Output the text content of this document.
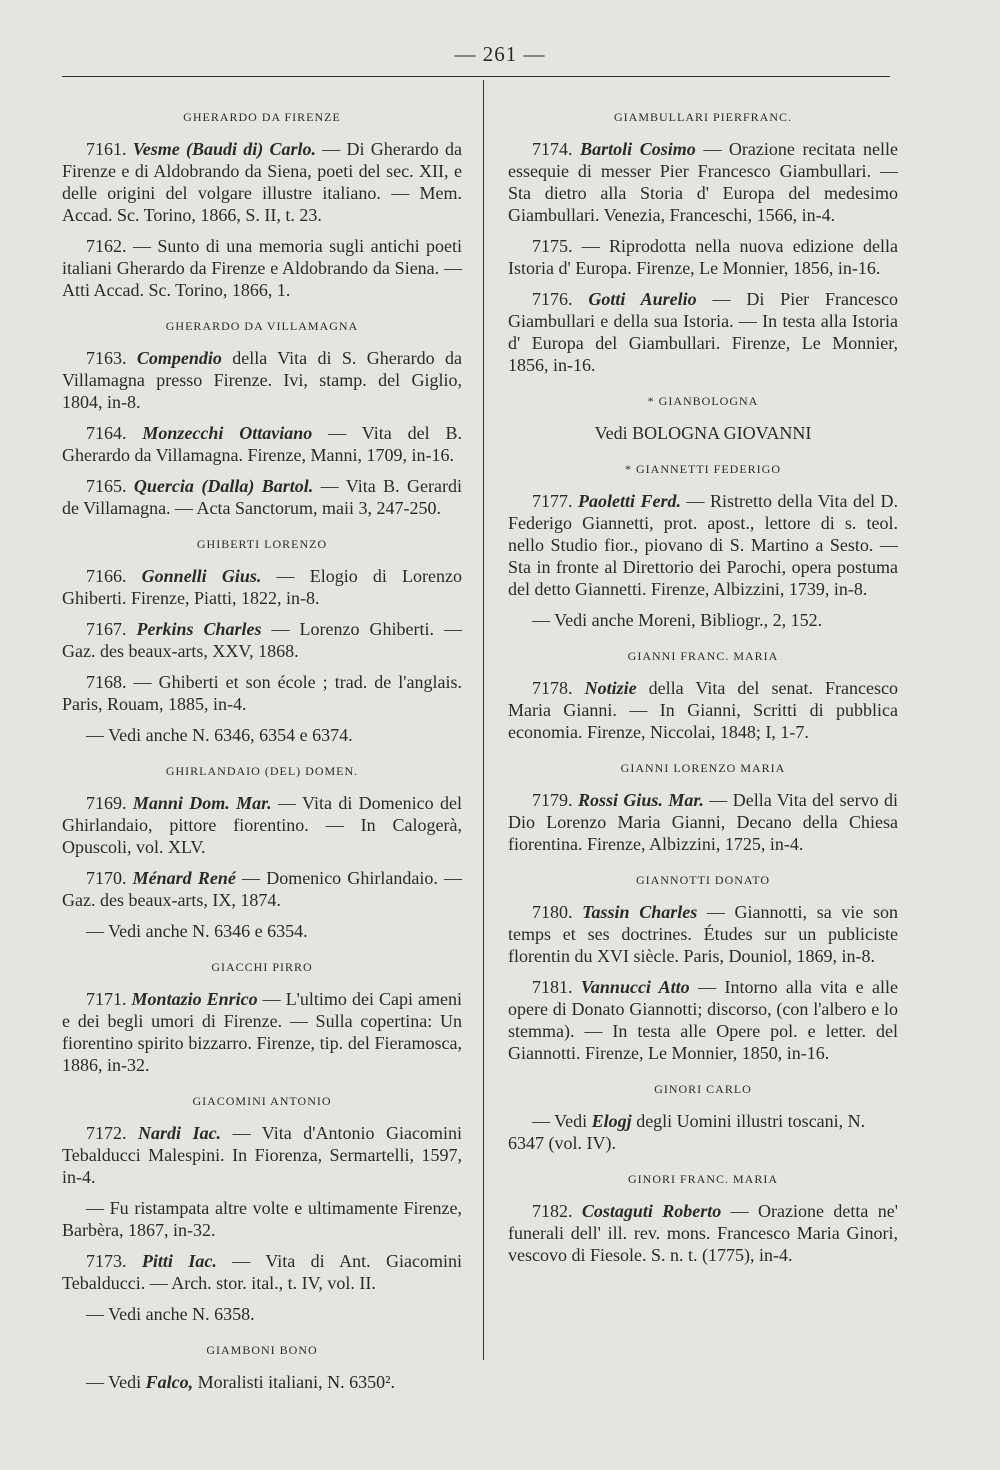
— 261 —
GHERARDO DA FIRENZE

7161. Vesme (Baudi di) Carlo. — Di Gherardo da Firenze e di Aldobrando da Siena, poeti del sec. XII, e delle origini del volgare illustre italiano. — Mem. Accad. Sc. Torino, 1866, S. II, t. 23.

7162. — Sunto di una memoria sugli antichi poeti italiani Gherardo da Firenze e Aldobrando da Siena. — Atti Accad. Sc. Torino, 1866, 1.

GHERARDO DA VILLAMAGNA

7163. Compendio della Vita di S. Gherardo da Villamagna presso Firenze. Ivi, stamp. del Giglio, 1804, in-8.

7164. Monzecchi Ottaviano — Vita del B. Gherardo da Villamagna. Firenze, Manni, 1709, in-16.

7165. Quercia (Dalla) Bartol. — Vita B. Gerardi de Villamagna. — Acta Sanctorum, maii 3, 247-250.

GHIBERTI LORENZO

7166. Gonnelli Gius. — Elogio di Lorenzo Ghiberti. Firenze, Piatti, 1822, in-8.

7167. Perkins Charles — Lorenzo Ghiberti. — Gaz. des beaux-arts, XXV, 1868.

7168. — Ghiberti et son école ; trad. de l'anglais. Paris, Rouam, 1885, in-4.

— Vedi anche N. 6346, 6354 e 6374.

GHIRLANDAIO (DEL) DOMEN.

7169. Manni Dom. Mar. — Vita di Domenico del Ghirlandaio, pittore fiorentino. — In Calogerà, Opuscoli, vol. XLV.

7170. Ménard René — Domenico Ghirlandaio. — Gaz. des beaux-arts, IX, 1874.

— Vedi anche N. 6346 e 6354.

GIACCHI PIRRO

7171. Montazio Enrico — L'ultimo dei Capi ameni e dei begli umori di Firenze. — Sulla copertina: Un fiorentino spirito bizzarro. Firenze, tip. del Fieramosca, 1886, in-32.

GIACOMINI ANTONIO

7172. Nardi Iac. — Vita d'Antonio Giacomini Tebalducci Malespini. In Fiorenza, Sermartelli, 1597, in-4.

— Fu ristampata altre volte e ultimamente Firenze, Barbèra, 1867, in-32.

7173. Pitti Iac. — Vita di Ant. Giacomini Tebalducci. — Arch. stor. ital., t. IV, vol. II.

— Vedi anche N. 6358.

GIAMBONI BONO

— Vedi Falco, Moralisti italiani, N. 6350².

GIAMBULLARI PIERFRANC.

7174. Bartoli Cosimo — Orazione recitata nelle essequie di messer Pier Francesco Giambullari. — Sta dietro alla Storia d' Europa del medesimo Giambullari. Venezia, Franceschi, 1566, in-4.

7175. — Riprodotta nella nuova edizione della Istoria d' Europa. Firenze, Le Monnier, 1856, in-16.

7176. Gotti Aurelio — Di Pier Francesco Giambullari e della sua Istoria. — In testa alla Istoria d' Europa del Giambullari. Firenze, Le Monnier, 1856, in-16.

* GIANBOLOGNA

Vedi BOLOGNA GIOVANNI

* GIANNETTI FEDERIGO

7177. Paoletti Ferd. — Ristretto della Vita del D. Federigo Giannetti, prot. apost., lettore di s. teol. nello Studio fior., piovano di S. Martino a Sesto. — Sta in fronte al Direttorio dei Parochi, opera postuma del detto Giannetti. Firenze, Albizzini, 1739, in-8.

— Vedi anche Moreni, Bibliogr., 2, 152.

GIANNI FRANC. MARIA

7178. Notizie della Vita del senat. Francesco Maria Gianni. — In Gianni, Scritti di pubblica economia. Firenze, Niccolai, 1848; I, 1-7.

GIANNI LORENZO MARIA

7179. Rossi Gius. Mar. — Della Vita del servo di Dio Lorenzo Maria Gianni, Decano della Chiesa fiorentina. Firenze, Albizzini, 1725, in-4.

GIANNOTTI DONATO

7180. Tassin Charles — Giannotti, sa vie son temps et ses doctrines. Études sur un publiciste florentin du XVI siècle. Paris, Douniol, 1869, in-8.

7181. Vannucci Atto — Intorno alla vita e alle opere di Donato Giannotti; discorso, (con l'albero e lo stemma). — In testa alle Opere pol. e letter. del Giannotti. Firenze, Le Monnier, 1850, in-16.

GINORI CARLO

— Vedi Elogj degli Uomini illustri toscani, N. 6347 (vol. IV).

GINORI FRANC. MARIA

7182. Costaguti Roberto — Orazione detta ne' funerali dell' ill. rev. mons. Francesco Maria Ginori, vescovo di Fiesole. S. n. t. (1775), in-4.
